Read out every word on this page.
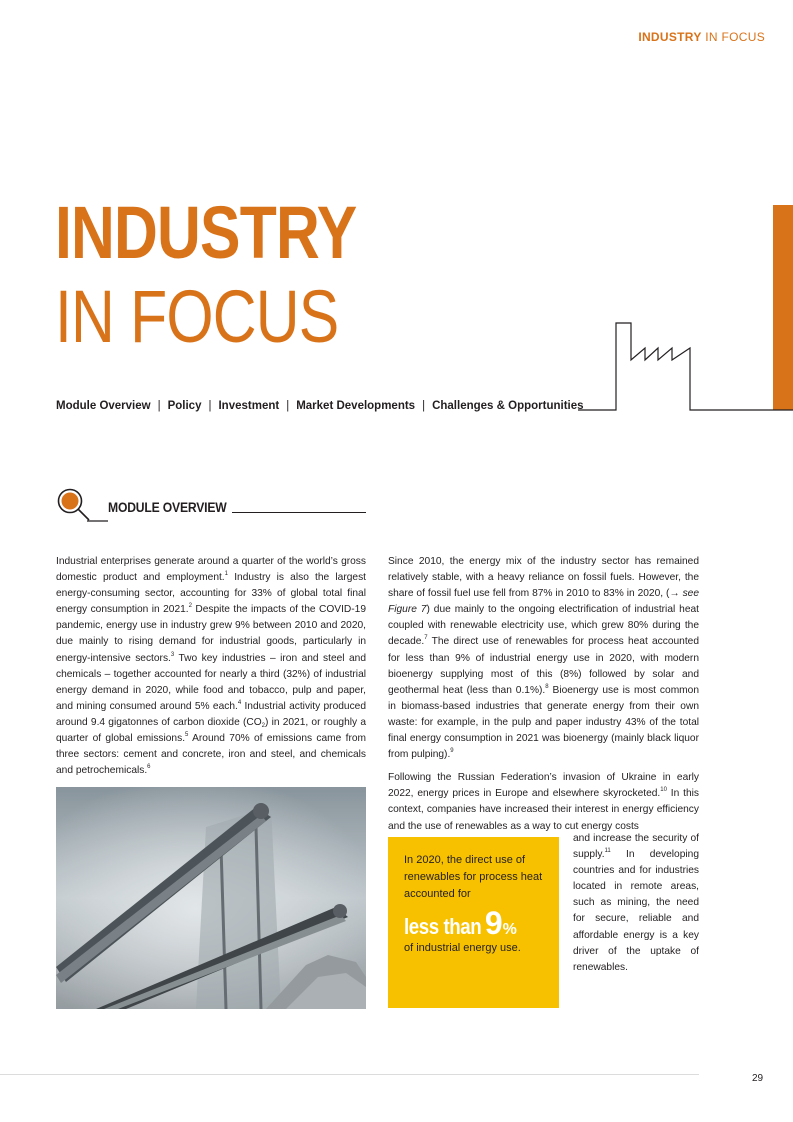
INDUSTRY IN FOCUS
INDUSTRY
IN FOCUS
Module Overview | Policy | Investment | Market Developments | Challenges & Opportunities
MODULE OVERVIEW

Industrial enterprises generate around a quarter of the world’s gross domestic product and employment.$^1$ Industry is also the largest energy-consuming sector, accounting for 33% of global total final energy consumption in 2021.$^2$ Despite the impacts of the COVID-19 pandemic, energy use in industry grew 9% between 2010 and 2020, due mainly to rising demand for industrial goods, particularly in energy-intensive sectors.$^3$ Two key industries – iron and steel and chemicals – together accounted for nearly a third (32%) of industrial energy demand in 2020, while food and tobacco, pulp and paper, and mining consumed around 5% each.$^4$ Industrial activity produced around 9.4 gigatonnes of carbon dioxide $(CO_2)$ in 2021, or roughly a quarter of global emissions.$^5$ Around 70% of emissions came from three sectors: cement and concrete, iron and steel, and chemicals and petrochemicals.$^6$

Since 2010, the energy mix of the industry sector has remained relatively stable, with a heavy reliance on fossil fuels. However, the share of fossil fuel use fell from 87% in 2010 to 83% in 2020, (→ see Figure 7) due mainly to the ongoing electrification of industrial heat coupled with renewable electricity use, which grew 80% during the decade.$^7$ The direct use of renewables for process heat accounted for less than 9% of industrial energy use in 2020, with modern bioenergy supplying most of this (8%) followed by solar and geothermal heat (less than 0.1%).$^8$ Bioenergy use is most common in biomass-based industries that generate energy from their own waste: for example, in the pulp and paper industry 43% of the total final energy consumption in 2021 was bioenergy (mainly black liquor from pulping).$^9$

Following the Russian Federation’s invasion of Ukraine in early 2022, energy prices in Europe and elsewhere skyrocketed.$^{10}$ In this context, companies have increased their interest in energy efficiency and the use of renewables as a way to cut energy costs

In 2020, the direct use of renewables for process heat accounted for
less than9%
of industrial energy use.

and increase the security of supply.$^{11}$ In developing countries and for industries located in remote areas, such as mining, the need for secure, reliable and affordable energy is a key driver of the uptake of renewables.

29
